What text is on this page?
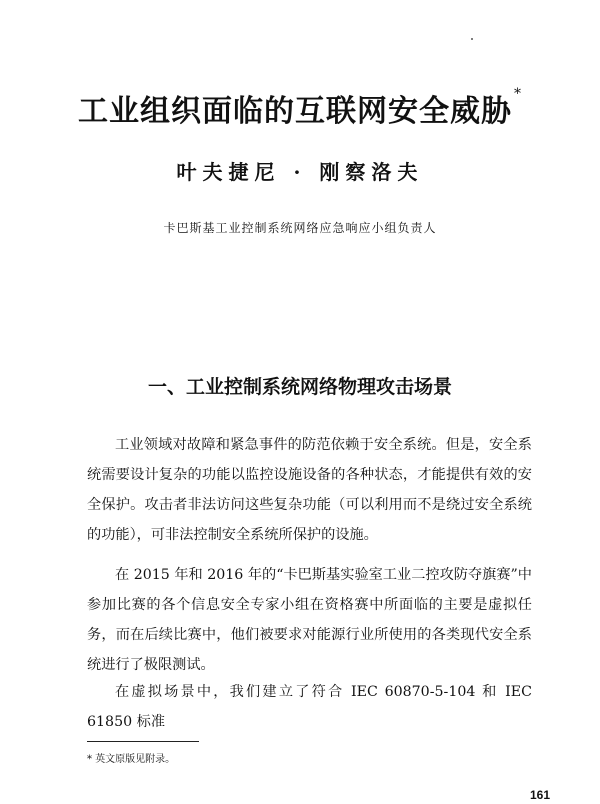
工业组织面临的互联网安全威胁 *
叶夫捷尼 · 刚察洛夫
卡巴斯基工业控制系统网络应急响应小组负责人
一、工业控制系统网络物理攻击场景

工业领域对故障和紧急事件的防范依赖于安全系统。但是，安全系统需要设计复杂的功能以监控设施设备的各种状态，才能提供有效的安全保护。攻击者非法访问这些复杂功能（可以利用而不是绕过安全系统的功能），可非法控制安全系统所保护的设施。

在 2015 年和 2016 年的“卡巴斯基实验室工业二控攻防夺旗赛”中参加比赛的各个信息安全专家小组在资格赛中所面临的主要是虚拟任务，而在后续比赛中，他们被要求对能源行业所使用的各类现代安全系统进行了极限测试。

在虚拟场景中，我们建立了符合 IEC 60870-5-104 和 IEC 61850 标准

* 英文原版见附录。
161
